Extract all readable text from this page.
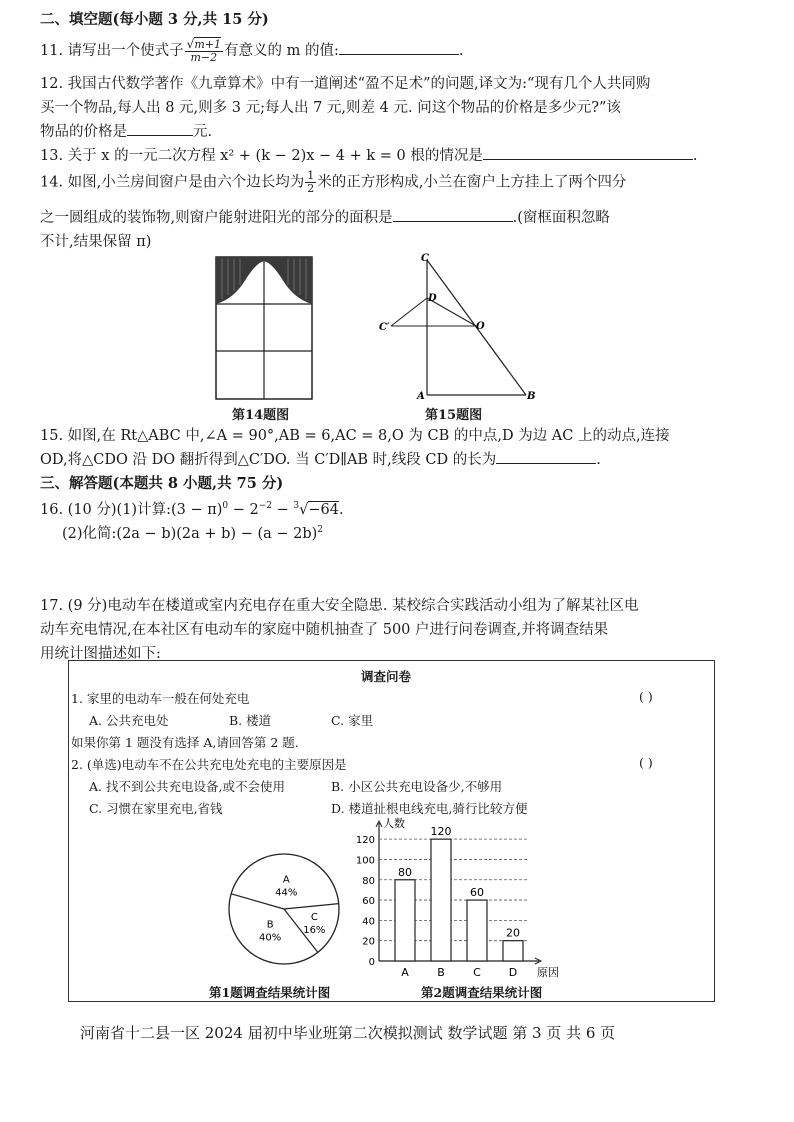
二、填空题(每小题 3 分,共 15 分)
11. 请写出一个使式子 $\frac{√m+1}{m-2}$ 有意义的 m 的值:	.
12. 我国古代数学著作《九章算术》中有一道阐述“盈不足术”的问题,译文为:“现有几个人共同购
买一个物品,每人出 8 元,则多 3 元;每人出 7 元,则差 4 元. 问这个物品的价格是多少元?”该
物品的价格是	元.
13. 关于 x 的一元二次方程 x² + (k − 2)x − 4 + k = 0 根的情况是	.
14. 如图,小兰房间窗户是由六个边长均为 $\frac{1}{2}$ 米的正方形构成,小兰在窗户上方挂上了两个四分
之一圆组成的装饰物,则窗户能射进阳光的部分的面积是	.(窗框面积忽略
不计,结果保留 π)
第14题图
C
D
C′	O
A	B
第15题图
15. 如图,在 Rt△ABC 中,∠A = 90°,AB = 6,AC = 8,O 为 CB 的中点,D 为边 AC 上的动点,连接
OD,将△CDO 沿 DO 翻折得到△C′DO. 当 C′D∥AB 时,线段 CD 的长为	.
三、解答题(本题共 8 小题,共 75 分)
16. (10 分)(1)计算:(3 − $\pi)^0 - 2^{-2} - ^3√-64$.
(2)化简:(2a − $b)(2a + b) - (a - 2b)^2$
17. (9 分)电动车在楼道或室内充电存在重大安全隐患. 某校综合实践活动小组为了解某社区电
动车充电情况,在本社区有电动车的家庭中随机抽查了 500 户进行问卷调查,并将调查结果
用统计图描述如下:
调查问卷
1. 家里的电动车一般在何处充电	( )
A. 公共充电处	B. 楼道	C. 家里
如果你第 1 题没有选择 A,请回答第 2 题.
2. (单选)电动车不在公共充电处充电的主要原因是	( )
A. 找不到公共充电设备,或不会使用	B. 小区公共充电设备少,不够用
C. 习惯在家里充电,省钱	D. 楼道扯根电线充电,骑行比较方便
A
44%
C
16%
B
40%
第1题调查结果统计图
0
20
40
60
80
100
120
人数
原因
80
A
120
B
60
C
20
D
第2题调查结果统计图
河南省十二县一区 2024 届初中毕业班第二次模拟测试 数学试题 第 3 页 共 6 页
